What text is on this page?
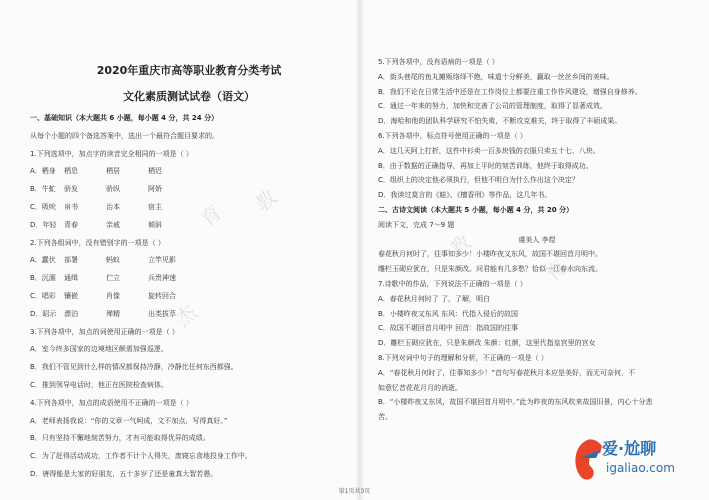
2020年重庆市高等职业教育分类考试
文化素质测试试卷（语文）
一、基础知识（本大题共 6 小题，每小题 4 分，共 24 分）
从每个小题的四个备选答案中，选出一个最符合题目要求的。
1.下列选项中，加点字的读音完全相同的一项是（ ）
A．栖身	栖息	栖居	栖迟
B．牛虻	骄发	骄纵	阿娇
C．吸吮	帛书	治本	宿主
D．年轻	青春	亲戚	倾斜
2.下列各组词中，没有错别字的一项是（ ）
A．蠢伏	部署	蚂蚁	立竿见影
B．沉湎	通缉	伫立	兵贵神速
C．唱彩	镶嵌	肖像	旋转回合
D．昭示	漂泊	殚精	出类拔萃
3.下列各项中，加点的词使用正确的一项是（ ）
A．室今终多国家的边境地区颇需加强巡逻。
B．我们不管见到什么样的情况都保持冷静，冷静比任何东西都强。
C．推到领导电话时，他正在医院检查病体。
4.下列各项中，加点的成语使用不正确的一项是（ ）
A．老师表扬我说：“你的文章一气呵成，文不加点，写得真好。”
B．只有坚持不懈地刻苦努力，才有可能取得优异的成绩。
C．为了赶得活动成功，工作者不计个人得失，废寝忘食地投身工作中。
D．唐得能是大家的好朋友，五十多岁了还是童真大智若愚。
5.下列各项中，没有语病的一项是（ ）
A．街头巷尾的鱼丸摊贩络绎不绝，味道十分鲜美，赢取一丝丝乡间的美味。
B．我们不论在日常生活中还是在工作岗位上都要注重工作作风建设，增强自身修养。
C．通过一年来的努力，加快和完善了公司的管理制度，取得了显著成效。
D．海哈和他的团队科学研究不怕失败，不断攻克难关，终于取得了丰硕成果。
6.下列各项中，标点符号使用正确的一项是（ ）
A．这几天阿上打折，这件中衫卖一百多块钱的衣服只卖五十七、八块。
B．由于数据的正确指导，再加上平时的刻苦训练，他终于取得成功。
C．组织上的决定他必须执行，但他不明白为什么作出这个决定？
D．我读过莫言的《蛙》、《檀香刑》等作品，这几年书。
二、古诗文阅读（本大题共 5 小题，每小题 4 分，共 20 分）
阅读下文，完成 7～9 题
虞美人 李煜
春花秋月何时了，往事知多少！小楼昨夜又东风，故国不堪回首月明中。
雕栏玉砌应犹在，只是朱颜改。问君能有几多愁？恰似一江春水向东流。
7.诗歌中的作品，下列说法不正确的一项是（ ）
A．春花秋月何时了 了，了解，明白
B．小楼昨夜又东风 东风：代指入侵后的故国
C．故国不堪回首月明中 回首：指故国的往事
D．雕栏玉砌应犹在，只是朱颜改 朱颜：红颜，这里代指皇宫里的宫女
8.下列对词中句子的理解和分析，不正确的一项是（ ）
A．“春花秋月何时了，往事知多少！”首句写春花秋月本应是美好，而无可奈何，不
如意忆昔花花月月的消逝。
B．“小楼昨夜又东风，故国不堪回首月明中。”此为昨夜的东风吹来故国旧景，内心十分悲
苦。
第1页共3页
育
杰
教
育
教
爱·尬聊
igaliao.com
